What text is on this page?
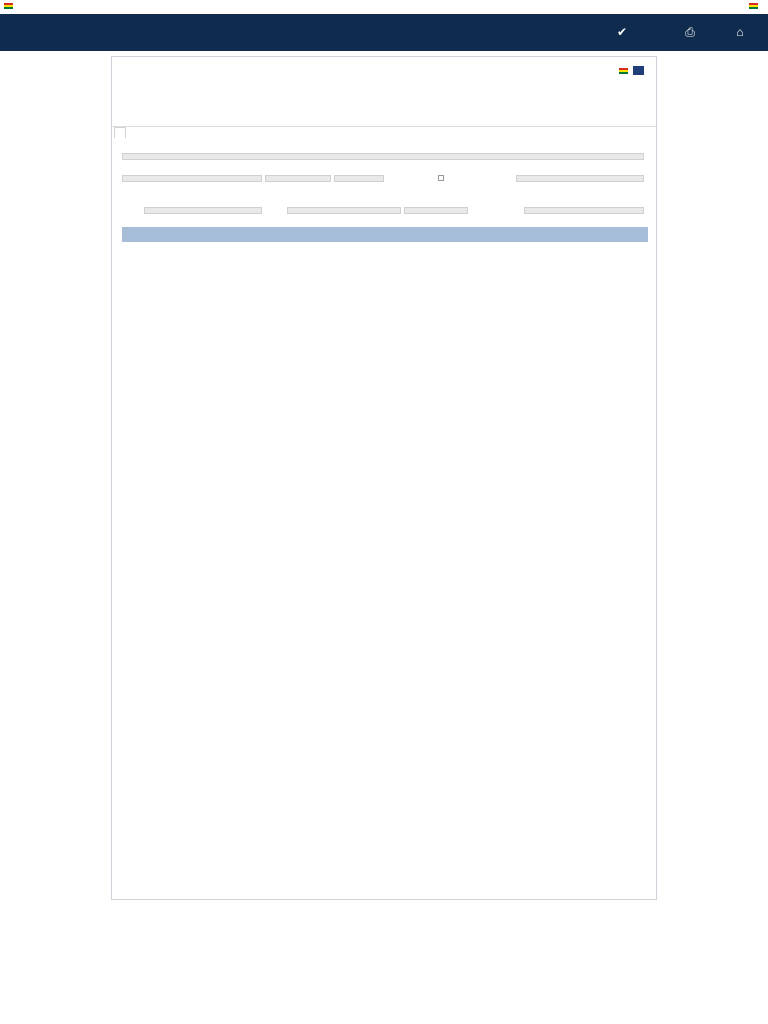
✔	⎙	⌂
